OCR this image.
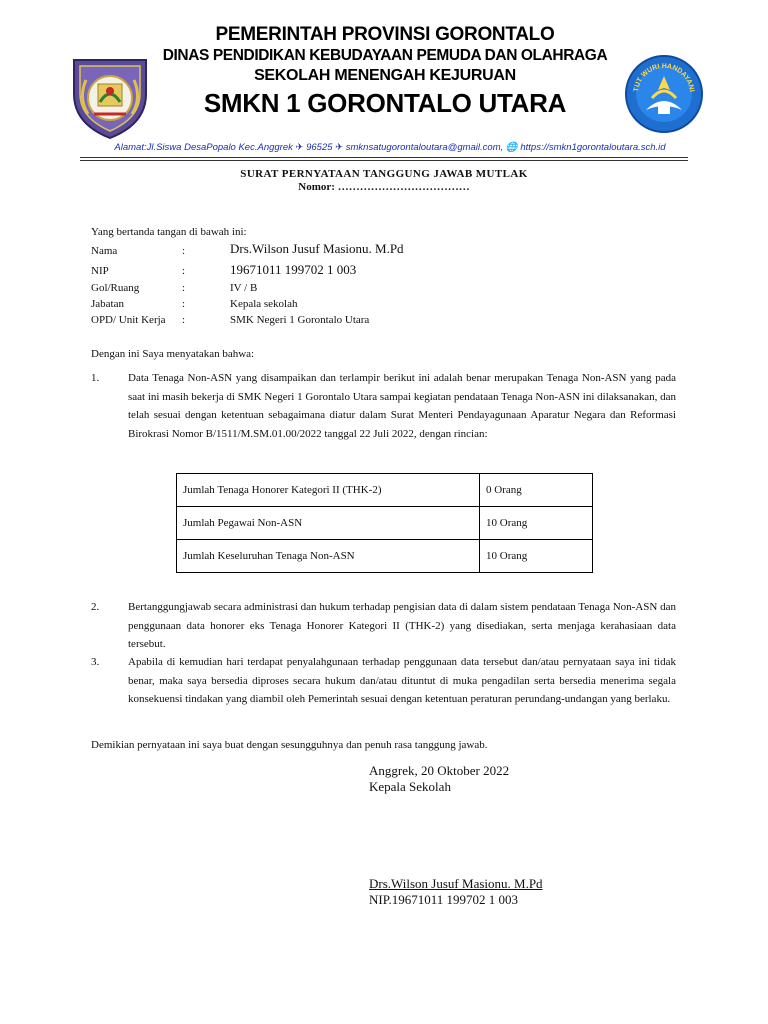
PEMERINTAH PROVINSI GORONTALO
DINAS PENDIDIKAN KEBUDAYAAN PEMUDA DAN OLAHRAGA
SEKOLAH MENENGAH KEJURUAN
SMKN 1 GORONTALO UTARA	TUT WURI HANDAYANI
Alamat:Jl.Siswa DesaPopalo Kec.Anggrek ✈ 96525 ✈ smknsatugorontaloutara@gmail.com, 🌐 https://smkn1gorontaloutara.sch.id
SURAT PERNYATAAN TANGGUNG JAWAB MUTLAK
Nomor: ………………………………
Yang bertanda tangan di bawah ini:
Nama	:	Drs.Wilson Jusuf Masionu. M.Pd
NIP	:	19671011 199702 1 003
Gol/Ruang	:	IV / B
Jabatan	:	Kepala sekolah
OPD/ Unit Kerja :	SMK Negeri 1 Gorontalo Utara
Dengan ini Saya menyatakan bahwa:
1.	Data Tenaga Non-ASN yang disampaikan dan terlampir berikut ini adalah benar merupakan Tenaga Non-ASN yang pada saat ini masih bekerja di SMK Negeri 1 Gorontalo Utara sampai kegiatan pendataan Tenaga Non-ASN ini dilaksanakan, dan telah sesuai dengan ketentuan sebagaimana diatur dalam Surat Menteri Pendayagunaan Aparatur Negara dan Reformasi Birokrasi Nomor B/1511/M.SM.01.00/2022 tanggal 22 Juli 2022, dengan rincian:
Jumlah Tenaga Honorer Kategori II (THK-2)	0 Orang
Jumlah Pegawai Non-ASN	10 Orang
Jumlah Keseluruhan Tenaga Non-ASN	10 Orang
2.	Bertanggungjawab secara administrasi dan hukum terhadap pengisian data di dalam sistem pendataan Tenaga Non-ASN dan penggunaan data honorer eks Tenaga Honorer Kategori II (THK-2) yang disediakan, serta menjaga kerahasiaan data tersebut.
3.	Apabila di kemudian hari terdapat penyalahgunaan terhadap penggunaan data tersebut dan/atau pernyataan saya ini tidak benar, maka saya bersedia diproses secara hukum dan/atau dituntut di muka pengadilan serta bersedia menerima segala konsekuensi tindakan yang diambil oleh Pemerintah sesuai dengan ketentuan peraturan perundang-undangan yang berlaku.
Demikian pernyataan ini saya buat dengan sesungguhnya dan penuh rasa tanggung jawab.
Anggrek, 20 Oktober 2022
Kepala Sekolah
Drs.Wilson Jusuf Masionu. M.Pd
NIP.19671011 199702 1 003
